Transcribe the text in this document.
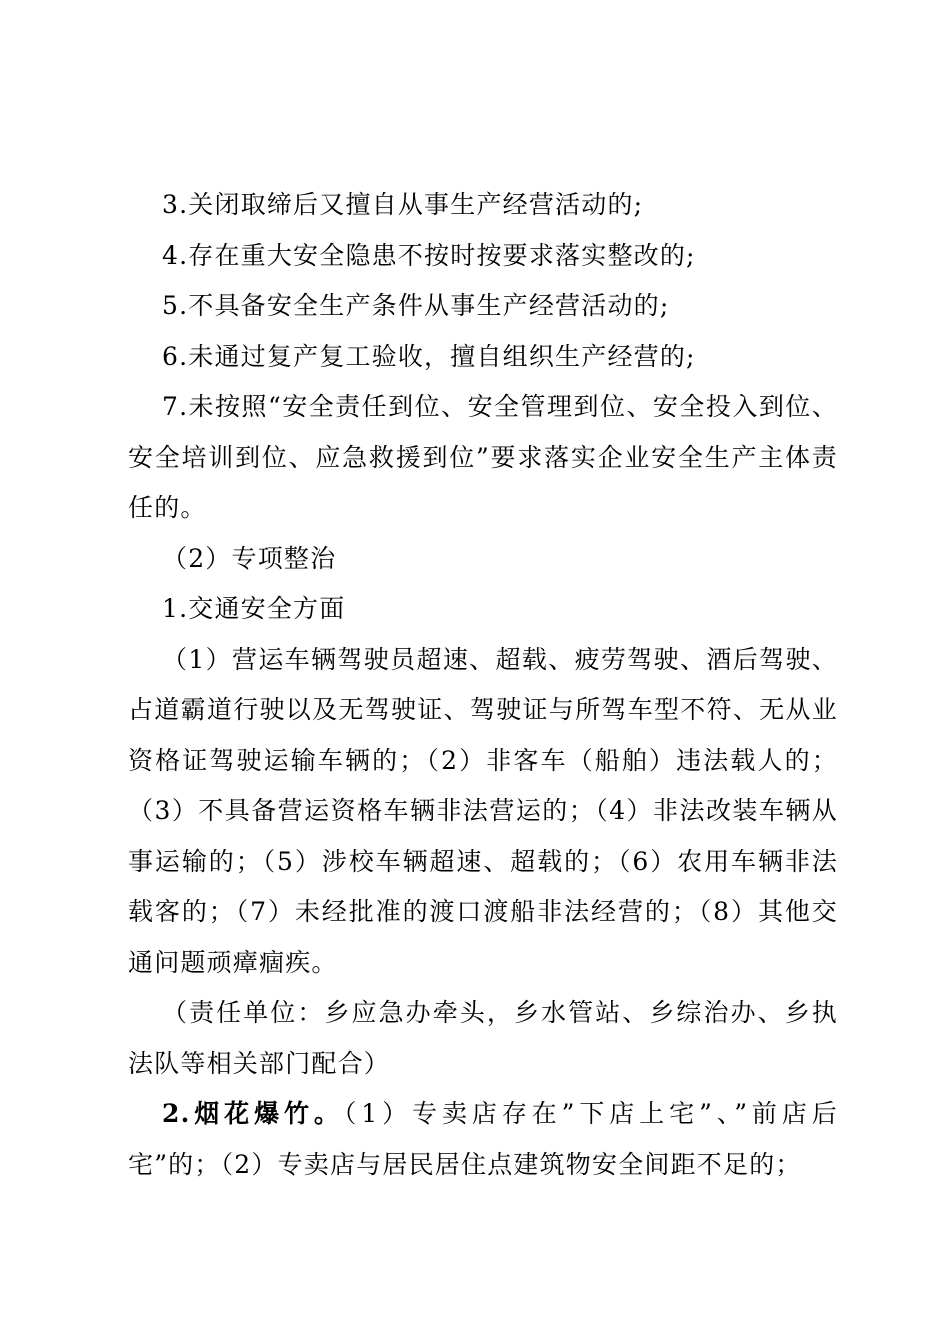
3.关闭取缔后又擅自从事生产经营活动的;

4.存在重大安全隐患不按时按要求落实整改的;

5.不具备安全生产条件从事生产经营活动的;

6.未通过复产复工验收，擅自组织生产经营的;

7.未按照“安全责任到位、安全管理到位、安全投入到位、安全培训到位、应急救援到位”要求落实企业安全生产主体责任的。

（2）专项整治

1.交通安全方面

（1）营运车辆驾驶员超速、超载、疲劳驾驶、酒后驾驶、占道霸道行驶以及无驾驶证、驾驶证与所驾车型不符、无从业资格证驾驶运输车辆的；（2）非客车（船舶）违法载人的；（3）不具备营运资格车辆非法营运的；（4）非法改装车辆从事运输的；（5）涉校车辆超速、超载的；（6）农用车辆非法载客的；（7）未经批准的渡口渡船非法经营的；（8）其他交通问题顽瘴痼疾。

（责任单位：乡应急办牵头，乡水管站、乡综治办、乡执法队等相关部门配合）

2.烟花爆竹。（1）专卖店存在”下店上宅”、”前店后宅”的；（2）专卖店与居民居住点建筑物安全间距不足的；
